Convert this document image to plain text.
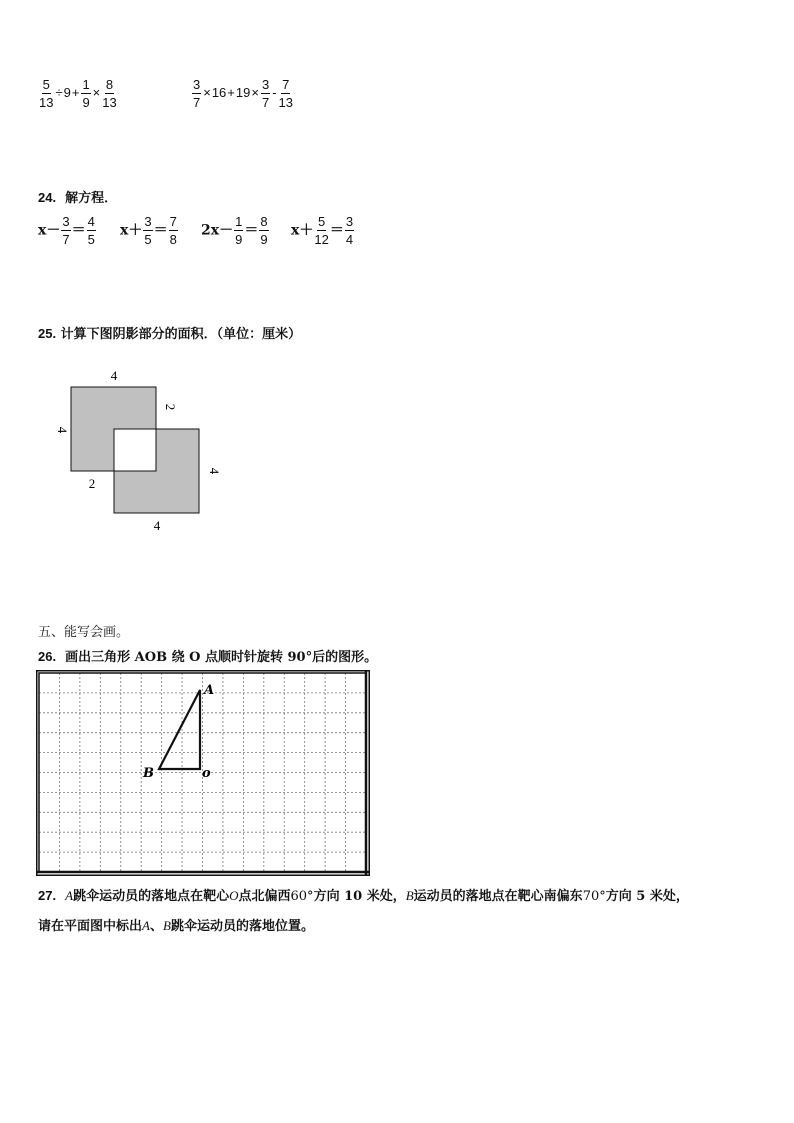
$\frac{5}{13} \div 9+ \frac{1}{9} \times \frac{8}{13}$	$\frac{3}{7} \times 16+19\times \frac{3}{7} - \frac{7}{13}$
24. 解方程．
$x- \frac{3}{7} = \frac{4}{5} x+ \frac{3}{5} = \frac{7}{8} 2x- \frac{1}{9} = \frac{8}{9} x+ \frac{5}{12} = \frac{3}{4}$
25. 计算下图阴影部分的面积．（单位：厘米）
4
4
2
4
2
4
五、能写会画。
26. 画出三角形 AOB 绕 O 点顺时针旋转 90°后的图形。
A
B	o
27. A跳伞运动员的落地点在靶心O点北偏西60°方向 10 米处，B运动员的落地点在靶心南偏东70°方向 5 米处，
请在平面图中标出A、B跳伞运动员的落地位置。
